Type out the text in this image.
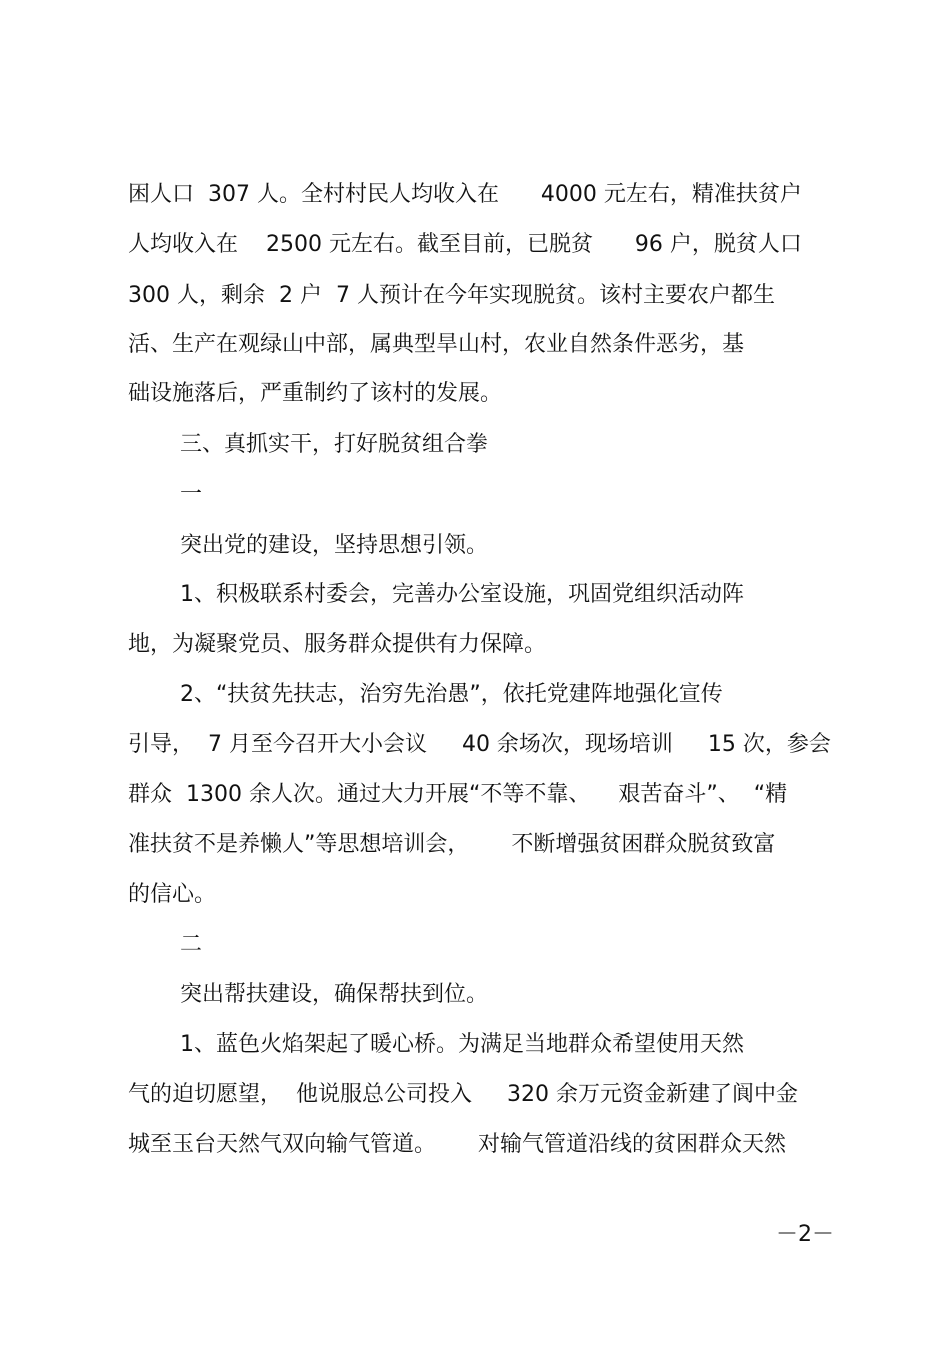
困人口  307 人。全村村民人均收入在      4000 元左右，精准扶贫户
人均收入在    2500 元左右。截至目前，已脱贫      96 户，脱贫人口
300 人，剩余  2 户  7 人预计在今年实现脱贫。该村主要农户都生
活、生产在观绿山中部，属典型旱山村，农业自然条件恶劣，基
础设施落后，严重制约了该村的发展。
三、真抓实干，打好脱贫组合拳
一
突出党的建设，坚持思想引领。
1、积极联系村委会，完善办公室设施，巩固党组织活动阵
地，为凝聚党员、服务群众提供有力保障。
2、“扶贫先扶志，治穷先治愚”，依托党建阵地强化宣传
引导，  7 月至今召开大小会议     40 余场次，现场培训     15 次，参会
群众  1300 余人次。通过大力开展“不等不靠、    艰苦奋斗”、  “精
准扶贫不是养懒人”等思想培训会，      不断增强贫困群众脱贫致富
的信心。
二
突出帮扶建设，确保帮扶到位。
1、蓝色火焰架起了暖心桥。为满足当地群众希望使用天然
气的迫切愿望，  他说服总公司投入     320 余万元资金新建了阆中金
城至玉台天然气双向输气管道。      对输气管道沿线的贫困群众天然
－2－
